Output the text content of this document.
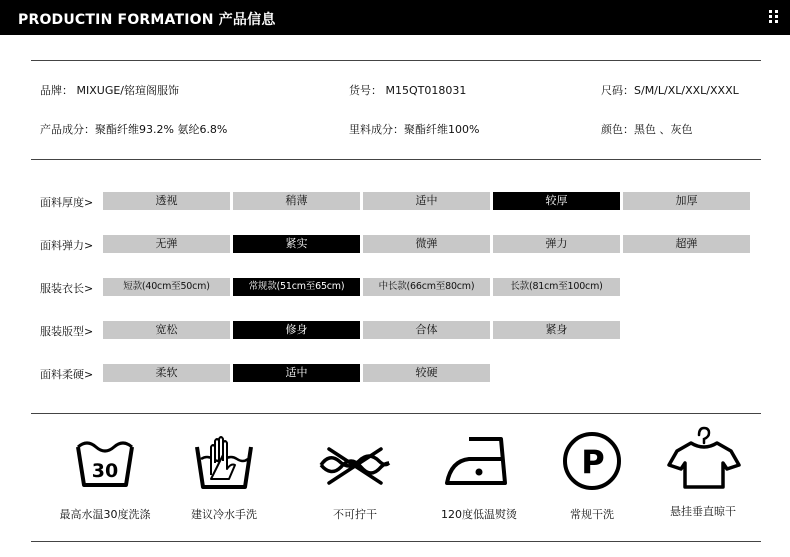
PRODUCTIN FORMATION 产品信息
品牌： MIXUGE/铭瑄阁服饰	货号： M15QT018031	尺码：S/M/L/XL/XXL/XXXL
产品成分：聚酯纤维93.2% 氨纶6.8%	里料成分：聚酯纤维100%	颜色：黑色 、灰色
面料厚度>	透视	稍薄	适中	较厚	加厚
面料弹力>	无弹	紧实	微弹	弹力	超弹
服装衣长>	短款(40cm至50cm)	常规款(51cm至65cm)	中长款(66cm至80cm)	长款(81cm至100cm)
服装版型>	宽松	修身	合体	紧身
面料柔硬>	柔软	适中	较硬
30
最高水温30度洗涤	建议冷水手洗	不可拧干	120度低温熨烫
P
常规干洗	悬挂垂直晾干
